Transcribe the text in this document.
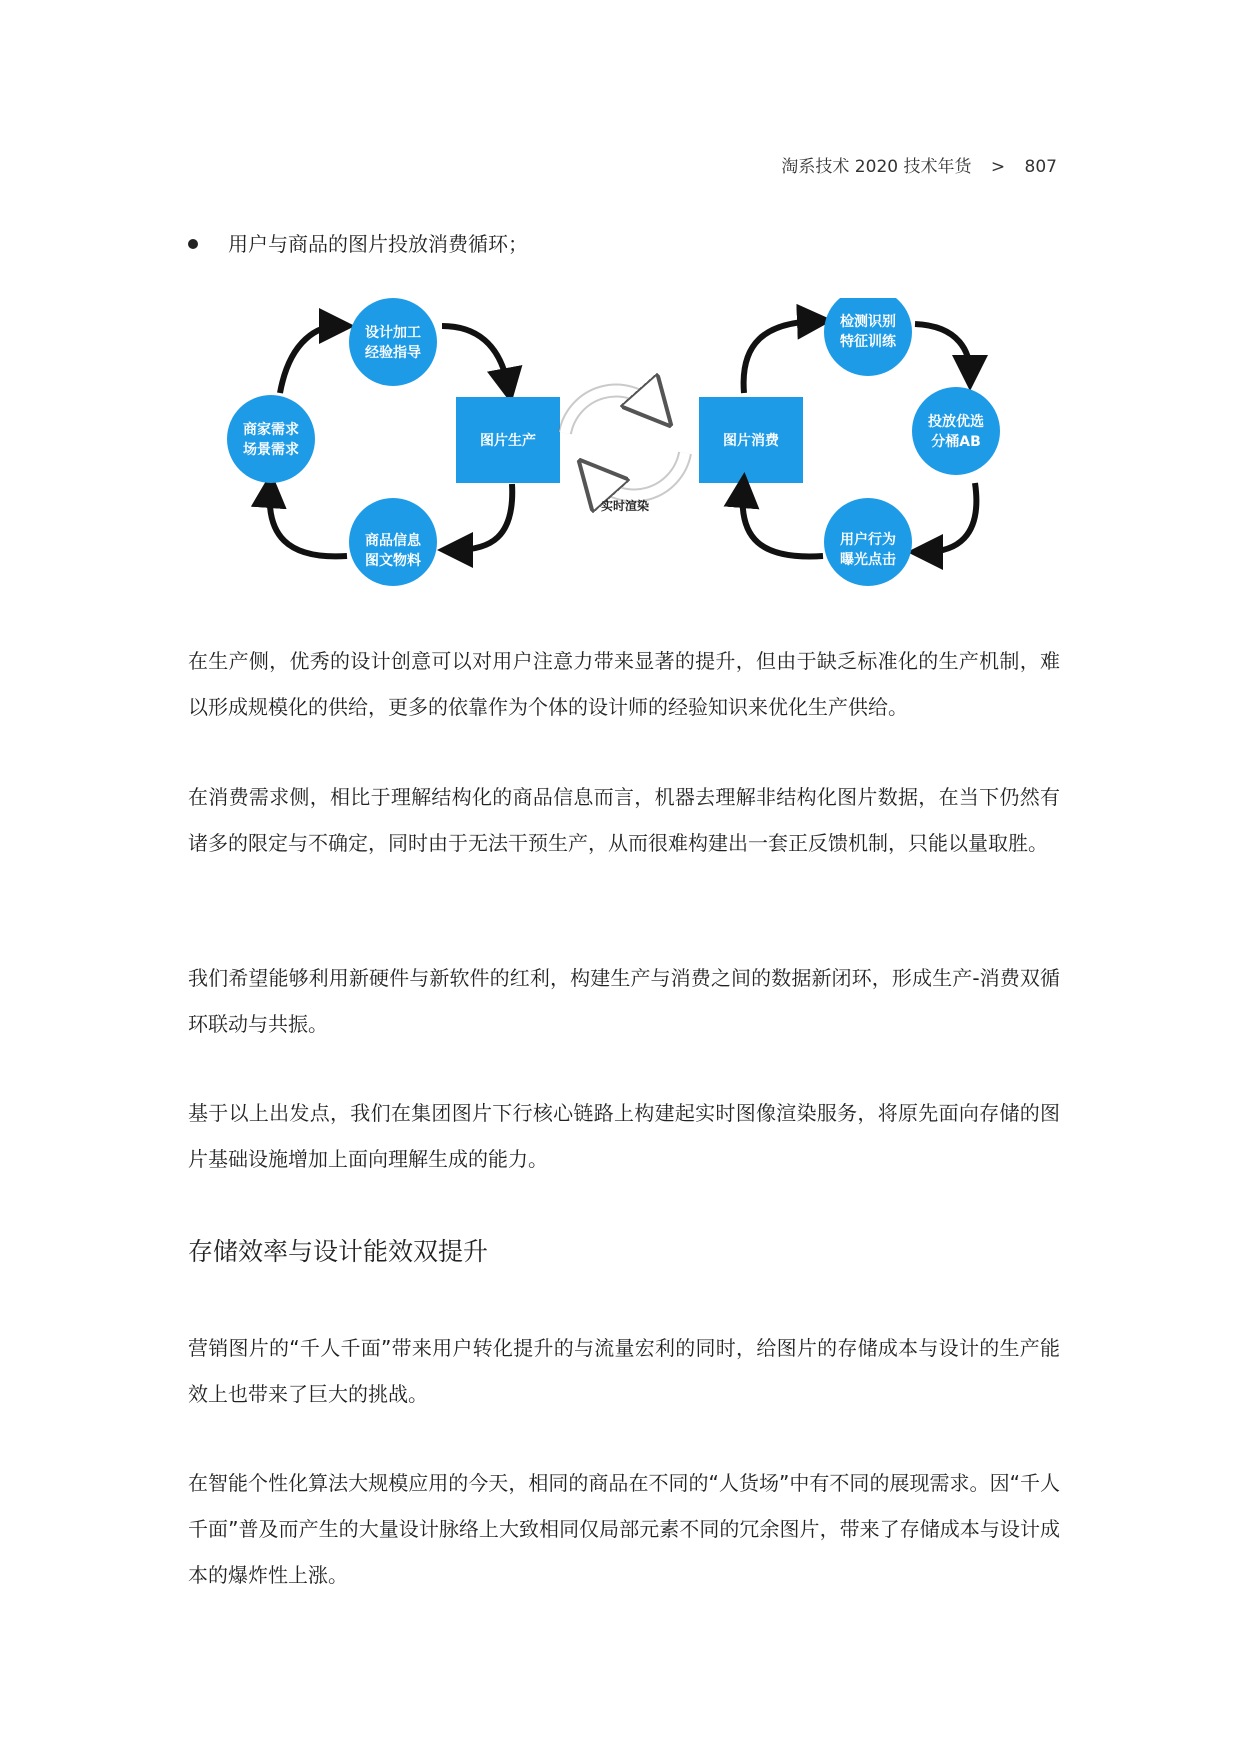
淘系技术 2020 技术年货 > 807
用户与商品的图片投放消费循环；
设计加工
经验指导
商家需求
场景需求
商品信息
图文物料
图片生产
实时渲染
图片消费
检测识别
特征训练
投放优选
分桶AB
用户行为
曝光点击

在生产侧，优秀的设计创意可以对用户注意力带来显著的提升，但由于缺乏标准化的生产机制，难以形成规模化的供给，更多的依靠作为个体的设计师的经验知识来优化生产供给。

在消费需求侧，相比于理解结构化的商品信息而言，机器去理解非结构化图片数据，在当下仍然有诸多的限定与不确定，同时由于无法干预生产，从而很难构建出一套正反馈机制，只能以量取胜。

我们希望能够利用新硬件与新软件的红利，构建生产与消费之间的数据新闭环，形成生产-消费双循环联动与共振。

基于以上出发点，我们在集团图片下行核心链路上构建起实时图像渲染服务，将原先面向存储的图片基础设施增加上面向理解生成的能力。

存储效率与设计能效双提升

营销图片的“千人千面”带来用户转化提升的与流量宏利的同时，给图片的存储成本与设计的生产能效上也带来了巨大的挑战。

在智能个性化算法大规模应用的今天，相同的商品在不同的“人货场”中有不同的展现需求。因“千人千面”普及而产生的大量设计脉络上大致相同仅局部元素不同的冗余图片，带来了存储成本与设计成本的爆炸性上涨。
